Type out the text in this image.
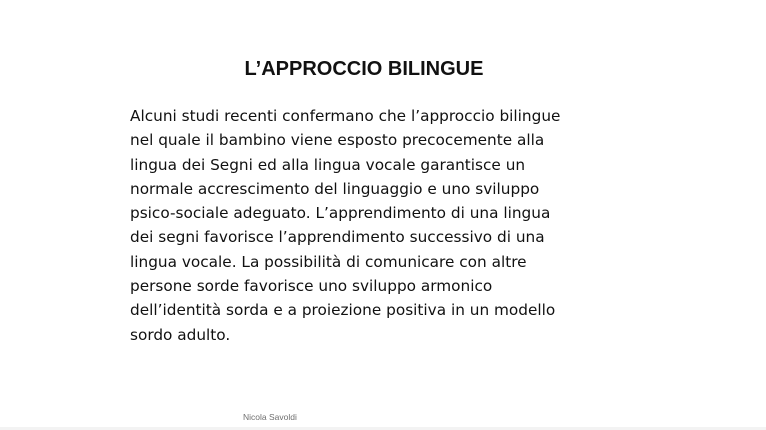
L’APPROCCIO BILINGUE

Alcuni studi recenti confermano che l’approccio bilingue
nel quale il bambino viene esposto precocemente alla
lingua dei Segni ed alla lingua vocale garantisce un
normale accrescimento del linguaggio e uno sviluppo
psico-sociale adeguato. L’apprendimento di una lingua
dei segni favorisce l’apprendimento successivo di una
lingua vocale. La possibilità di comunicare con altre
persone sorde favorisce uno sviluppo armonico
dell’identità sorda e a proiezione positiva in un modello
sordo adulto.

Nicola Savoldi
